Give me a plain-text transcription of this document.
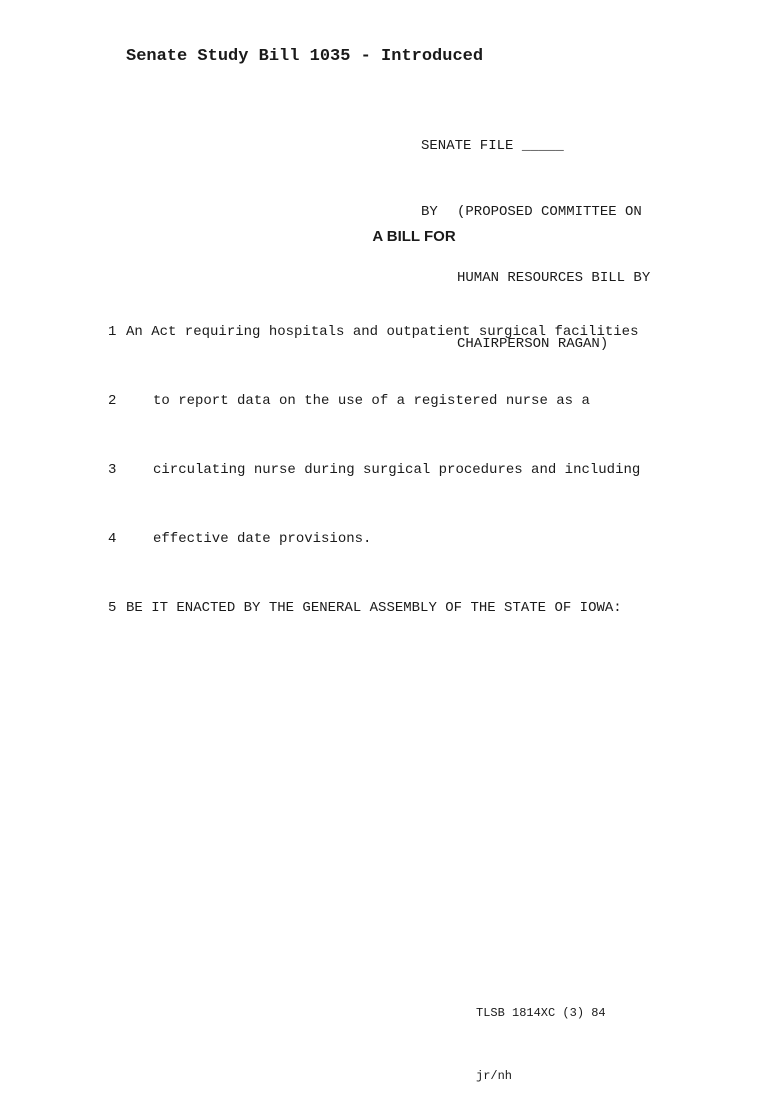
Senate Study Bill 1035 - Introduced

SENATE FILE _____

BY (PROPOSED COMMITTEE ON

HUMAN RESOURCES BILL BY

CHAIRPERSON RAGAN)

A BILL FOR

1 An Act requiring hospitals and outpatient surgical facilities

2	to report data on the use of a registered nurse as a

3	circulating nurse during surgical procedures and including

4	effective date provisions.

5 BE IT ENACTED BY THE GENERAL ASSEMBLY OF THE STATE OF IOWA:

TLSB 1814XC (3) 84

jr/nh
